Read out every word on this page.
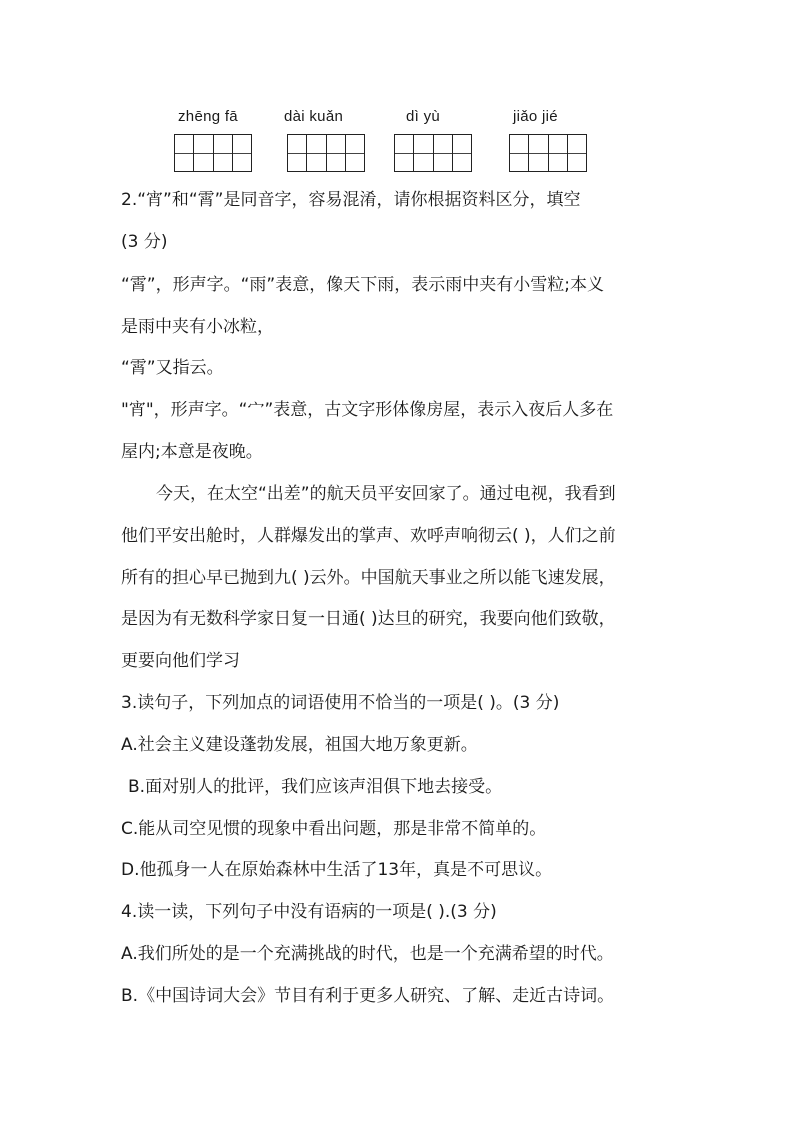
zhēng fā	dài kuǎn	dì yù	jiǎo jié
2.“宵”和“霄”是同音字，容易混淆，请你根据资料区分，填空
(3 分)
“霄”，形声字。“雨”表意，像天下雨，表示雨中夹有小雪粒;本义
是雨中夹有小冰粒，
“霄”又指云。
"宵"，形声字。“宀”表意，古文字形体像房屋，表示入夜后人多在
屋内;本意是夜晚。
今天，在太空“出差”的航天员平安回家了。通过电视，我看到
他们平安出舱时，人群爆发出的掌声、欢呼声响彻云( )，人们之前
所有的担心早已抛到九( )云外。中国航天事业之所以能飞速发展，
是因为有无数科学家日复一日通( )达旦的研究，我要向他们致敬，
更要向他们学习
3.读句子，下列加点的词语使用不恰当的一项是( )。(3 分)
A.社会主义建设蓬勃发展，祖国大地万象更新。
B.面对别人的批评，我们应该声泪俱下地去接受。
C.能从司空见惯的现象中看出问题，那是非常不简单的。
D.他孤身一人在原始森林中生活了13年，真是不可思议。
4.读一读，下列句子中没有语病的一项是( ).(3 分)
A.我们所处的是一个充满挑战的时代，也是一个充满希望的时代。
B.《中国诗词大会》节目有利于更多人研究、了解、走近古诗词。
